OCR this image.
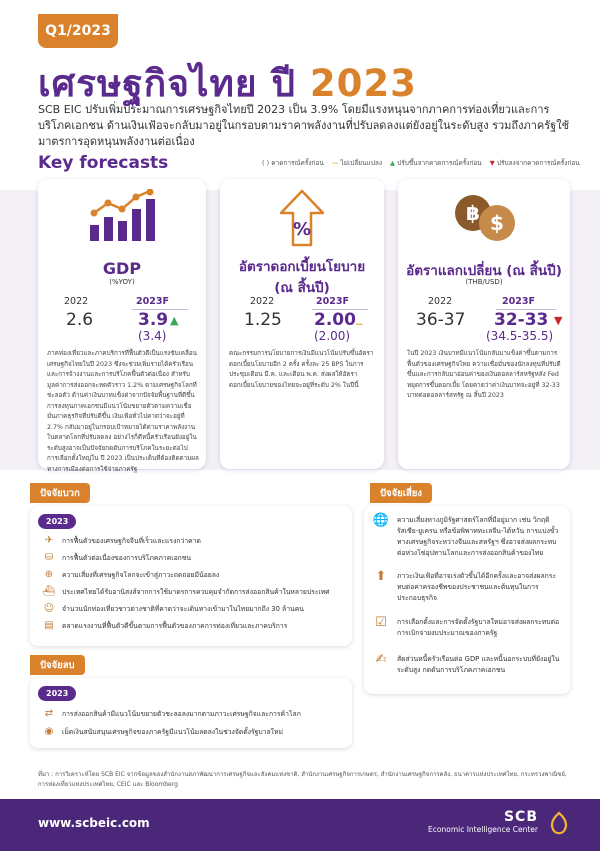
Q1/2023
เศรษฐกิจไทย ปี 2023
SCB EIC ปรับเพิ่มประมาณการเศรษฐกิจไทยปี 2023 เป็น 3.9% โดยมีแรงหนุนจากภาคการท่องเที่ยวและการบริโภคเอกชน ด้านเงินเฟ้อจะกลับมาอยู่ในกรอบตามราคาพลังงานที่ปรับลดลงแต่ยังอยู่ในระดับสูง รวมถึงภาครัฐใช้มาตรการอุดหนุนพลังงานต่อเนื่อง
Key forecasts	( ) คาดการณ์ครั้งก่อน — ไม่เปลี่ยนแปลง ▲ ปรับขึ้นจากคาดการณ์ครั้งก่อน ▼ ปรับลงจากคาดการณ์ครั้งก่อน
GDP
(%YOY)
2022	2023F
2.6	3.9 ▲
(3.4)
ภาคท่องเที่ยวและภาคบริการที่ฟื้นตัวดีเป็นแรงขับเคลื่อนเศรษฐกิจไทยในปี 2023 ซึ่งจะช่วยเพิ่มรายได้ครัวเรือนและการจ้างงานและการบริโภคฟื้นตัวต่อเนื่อง สำหรับมูลค่าการส่งออกจะหดตัวราว 1.2% ตามเศรษฐกิจโลกที่ชะลอตัว ด้านค่าเงินบาทแข็งค่าจากปัจจัยพื้นฐานที่ดีขึ้น การลงทุนภาคเอกชนมีแนวโน้มขยายตัวตามความเชื่อมั่นภาคธุรกิจที่ปรับดีขึ้น เงินเฟ้อทั่วไปคาดว่าจะอยู่ที่ 2.7% กลับมาอยู่ในกรอบเป้าหมายได้ตามราคาพลังงานในตลาดโลกที่ปรับลดลง อย่างไรก็ดีหนี้ครัวเรือนยังอยู่ในระดับสูงอาจเป็นปัจจัยกดดันการบริโภคในระยะต่อไป การเลือกตั้งใหญ่ใน ปี 2023 เป็นประเด็นที่ต้องติดตามผลทางการเมืองต่อการใช้จ่ายภาครัฐ
%
อัตราดอกเบี้ยนโยบาย
(ณ สิ้นปี)
2022	2023F
1.25 2.00 _
(2.00)
คณะกรรมการนโยบายการเงินมีแนวโน้มปรับขึ้นอัตราดอกเบี้ยนโยบายอีก 2 ครั้ง ครั้งละ 25 BPS ในการประชุมเดือน มี.ค. และเดือน พ.ค. ส่งผลให้อัตราดอกเบี้ยนโยบายของไทยจะอยู่ที่ระดับ 2% ในปีนี้
฿ $
อัตราแลกเปลี่ยน (ณ สิ้นปี)
(THB/USD)
2022	2023F
36-37 32-33 ▼
(34.5-35.5)
ในปี 2023 เงินบาทมีแนวโน้มกลับมาแข็งค่าขึ้นตามการฟื้นตัวของเศรษฐกิจไทย ความเชื่อมั่นของนักลงทุนที่ปรับดีขึ้นและการกลับมาอ่อนค่าของเงินดอลลาร์สหรัฐหลัง Fed หยุดการขึ้นดอกเบี้ย โดยคาดว่าค่าเงินบาทจะอยู่ที่ 32-33 บาทต่อดอลลาร์สหรัฐ ณ สิ้นปี 2023
ปัจจัยบวก
2023
✈	การฟื้นตัวของเศรษฐกิจจีนที่เร็วและแรงกว่าคาด
⛁	การฟื้นตัวต่อเนื่องของการบริโภคภาคเอกชน
⊕	ความเสี่ยงที่เศรษฐกิจโลกจะเข้าสู่ภาวะถดถอยมีน้อยลง
⛴ ประเทศไทยได้รับอานิสงส์จากการใช้มาตรการควบคุมจำกัดการส่งออกสินค้าในหลายประเทศ
☺ จำนวนนักท่องเที่ยวชาวต่างชาติที่คาดว่าจะเดินทางเข้ามาในไทยมากถึง 30 ล้านคน
▤	ตลาดแรงงานที่ฟื้นตัวดีขึ้นตามการฟื้นตัวของภาคการท่องเที่ยวและภาคบริการ
ปัจจัยลบ
2023
⇄	การส่งออกสินค้ามีแนวโน้มขยายตัวชะลอลงมากตามภาวะเศรษฐกิจและการค้าโลก
◉	เม็ดเงินสนับสนุนเศรษฐกิจของภาครัฐมีแนวโน้มลดลงในช่วงจัดตั้งรัฐบาลใหม่
ปัจจัยเสี่ยง
🌐 ความเสี่ยงทางภูมิรัฐศาสตร์โลกที่มีอยู่มาก เช่น วิกฤติรัสเซีย-ยูเครน หรือข้อพิพาททะเลจีน-ไต้หวัน การแบ่งขั้วทางเศรษฐกิจระหว่างจีนและสหรัฐฯ ซึ่งอาจส่งผลกระทบต่อห่วงโซ่อุปทานโลกและการส่งออกสินค้าของไทย
⬆	ภาวะเงินเฟ้อที่อาจเร่งตัวขึ้นได้อีกครั้งและอาจส่งผลกระทบต่อค่าครองชีพของประชาชนและต้นทุนในการประกอบธุรกิจ
☑	การเลือกตั้งและการจัดตั้งรัฐบาลใหม่อาจส่งผลกระทบต่อการเบิกจ่ายงบประมาณของภาครัฐ
✍	สัดส่วนหนี้ครัวเรือนต่อ GDP และหนี้นอกระบบที่ยังอยู่ในระดับสูง กดดันการบริโภคภาคเอกชน
ที่มา : การวิเคราะห์โดย SCB EIC จากข้อมูลของสำนักงานสภาพัฒนาการเศรษฐกิจและสังคมแห่งชาติ, สำนักงานเศรษฐกิจการเกษตร, สำนักงานเศรษฐกิจการคลัง, ธนาคารแห่งประเทศไทย, กระทรวงพาณิชย์, การท่องเที่ยวแห่งประเทศไทย, CEIC และ Bloomberg
www.scbeic.com	SCB
Economic Intelligence Center
